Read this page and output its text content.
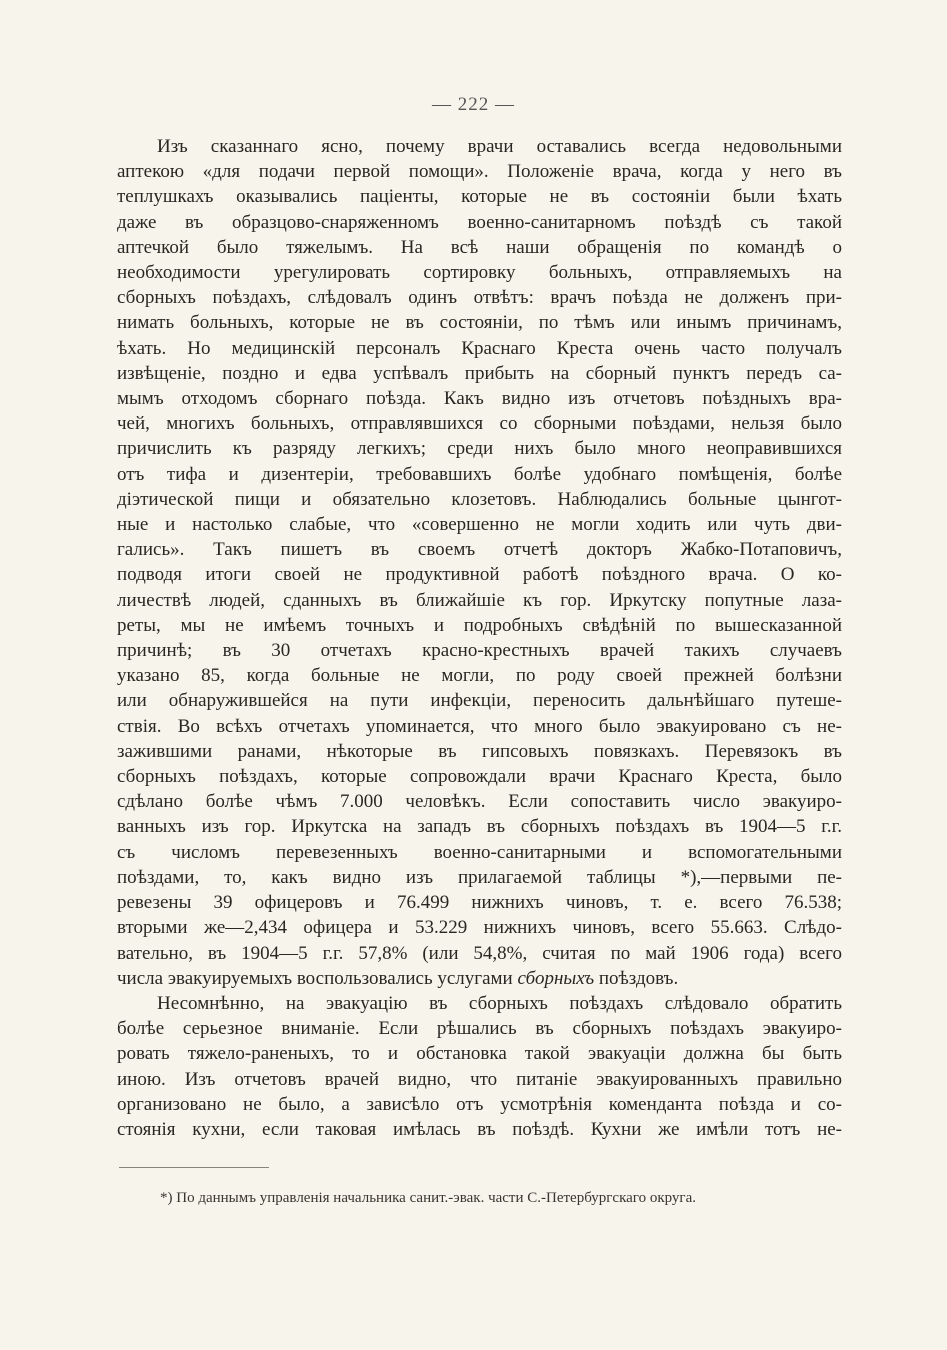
— 222 —
Изъ сказаннаго ясно, почему врачи оставались всегда недовольными
аптекою «для подачи первой помощи». Положеніе врача, когда у него въ
теплушкахъ оказывались паціенты, которые не въ состояніи были ѣхать
даже въ образцово-снаряженномъ военно-санитарномъ поѣздѣ съ такой
аптечкой было тяжелымъ. На всѣ наши обращенія по командѣ о
необходимости урегулировать сортировку больныхъ, отправляемыхъ на
сборныхъ поѣздахъ, слѣдовалъ одинъ отвѣтъ: врачъ поѣзда не долженъ при-
нимать больныхъ, которые не въ состояніи, по тѣмъ или инымъ причинамъ,
ѣхать. Но медицинскій персоналъ Краснаго Креста очень часто получалъ
извѣщеніе, поздно и едва успѣвалъ прибыть на сборный пунктъ передъ са-
мымъ отходомъ сборнаго поѣзда. Какъ видно изъ отчетовъ поѣздныхъ вра-
чей, многихъ больныхъ, отправлявшихся со сборными поѣздами, нельзя было
причислить къ разряду легкихъ; среди нихъ было много неоправившихся
отъ тифа и дизентеріи, требовавшихъ болѣе удобнаго помѣщенія, болѣе
діэтической пищи и обязательно клозетовъ. Наблюдались больные цынгот-
ные и настолько слабые, что «совершенно не могли ходить или чуть дви-
гались». Такъ пишетъ въ своемъ отчетѣ докторъ Жабко-Потаповичъ,
подводя итоги своей не продуктивной работѣ поѣздного врача. О ко-
личествѣ людей, сданныхъ въ ближайшіе къ гор. Иркутску попутные лаза-
реты, мы не имѣемъ точныхъ и подробныхъ свѣдѣній по вышесказанной
причинѣ; въ 30 отчетахъ красно-крестныхъ врачей такихъ случаевъ
указано 85, когда больные не могли, по роду своей прежней болѣзни
или обнаружившейся на пути инфекціи, переносить дальнѣйшаго путеше-
ствія. Во всѣхъ отчетахъ упоминается, что много было эвакуировано съ не-
зажившими ранами, нѣкоторые въ гипсовыхъ повязкахъ. Перевязокъ въ
сборныхъ поѣздахъ, которые сопровождали врачи Краснаго Креста, было
сдѣлано болѣе чѣмъ 7.000 человѣкъ. Если сопоставить число эвакуиро-
ванныхъ изъ гор. Иркутска на западъ въ сборныхъ поѣздахъ въ 1904—5 г.г.
съ числомъ перевезенныхъ военно-санитарными и вспомогательными
поѣздами, то, какъ видно изъ прилагаемой таблицы *),—первыми пе-
ревезены 39 офицеровъ и 76.499 нижнихъ чиновъ, т. е. всего 76.538;
вторыми же—2,434 офицера и 53.229 нижнихъ чиновъ, всего 55.663. Слѣдо-
вательно, въ 1904—5 г.г. 57,8% (или 54,8%, считая по май 1906 года) всего
числа эвакуируемыхъ воспользовались услугами сборныхъ поѣздовъ.
Несомнѣнно, на эвакуацію въ сборныхъ поѣздахъ слѣдовало обратить
болѣе серьезное вниманіе. Если рѣшались въ сборныхъ поѣздахъ эвакуиро-
ровать тяжело-раненыхъ, то и обстановка такой эвакуаціи должна бы быть
иною. Изъ отчетовъ врачей видно, что питаніе эвакуированныхъ правильно
организовано не было, а зависѣло отъ усмотрѣнія коменданта поѣзда и со-
стоянія кухни, если таковая имѣлась въ поѣздѣ. Кухни же имѣли тотъ не-
*) По даннымъ управленія начальника санит.-эвак. части С.-Петербургскаго округа.
